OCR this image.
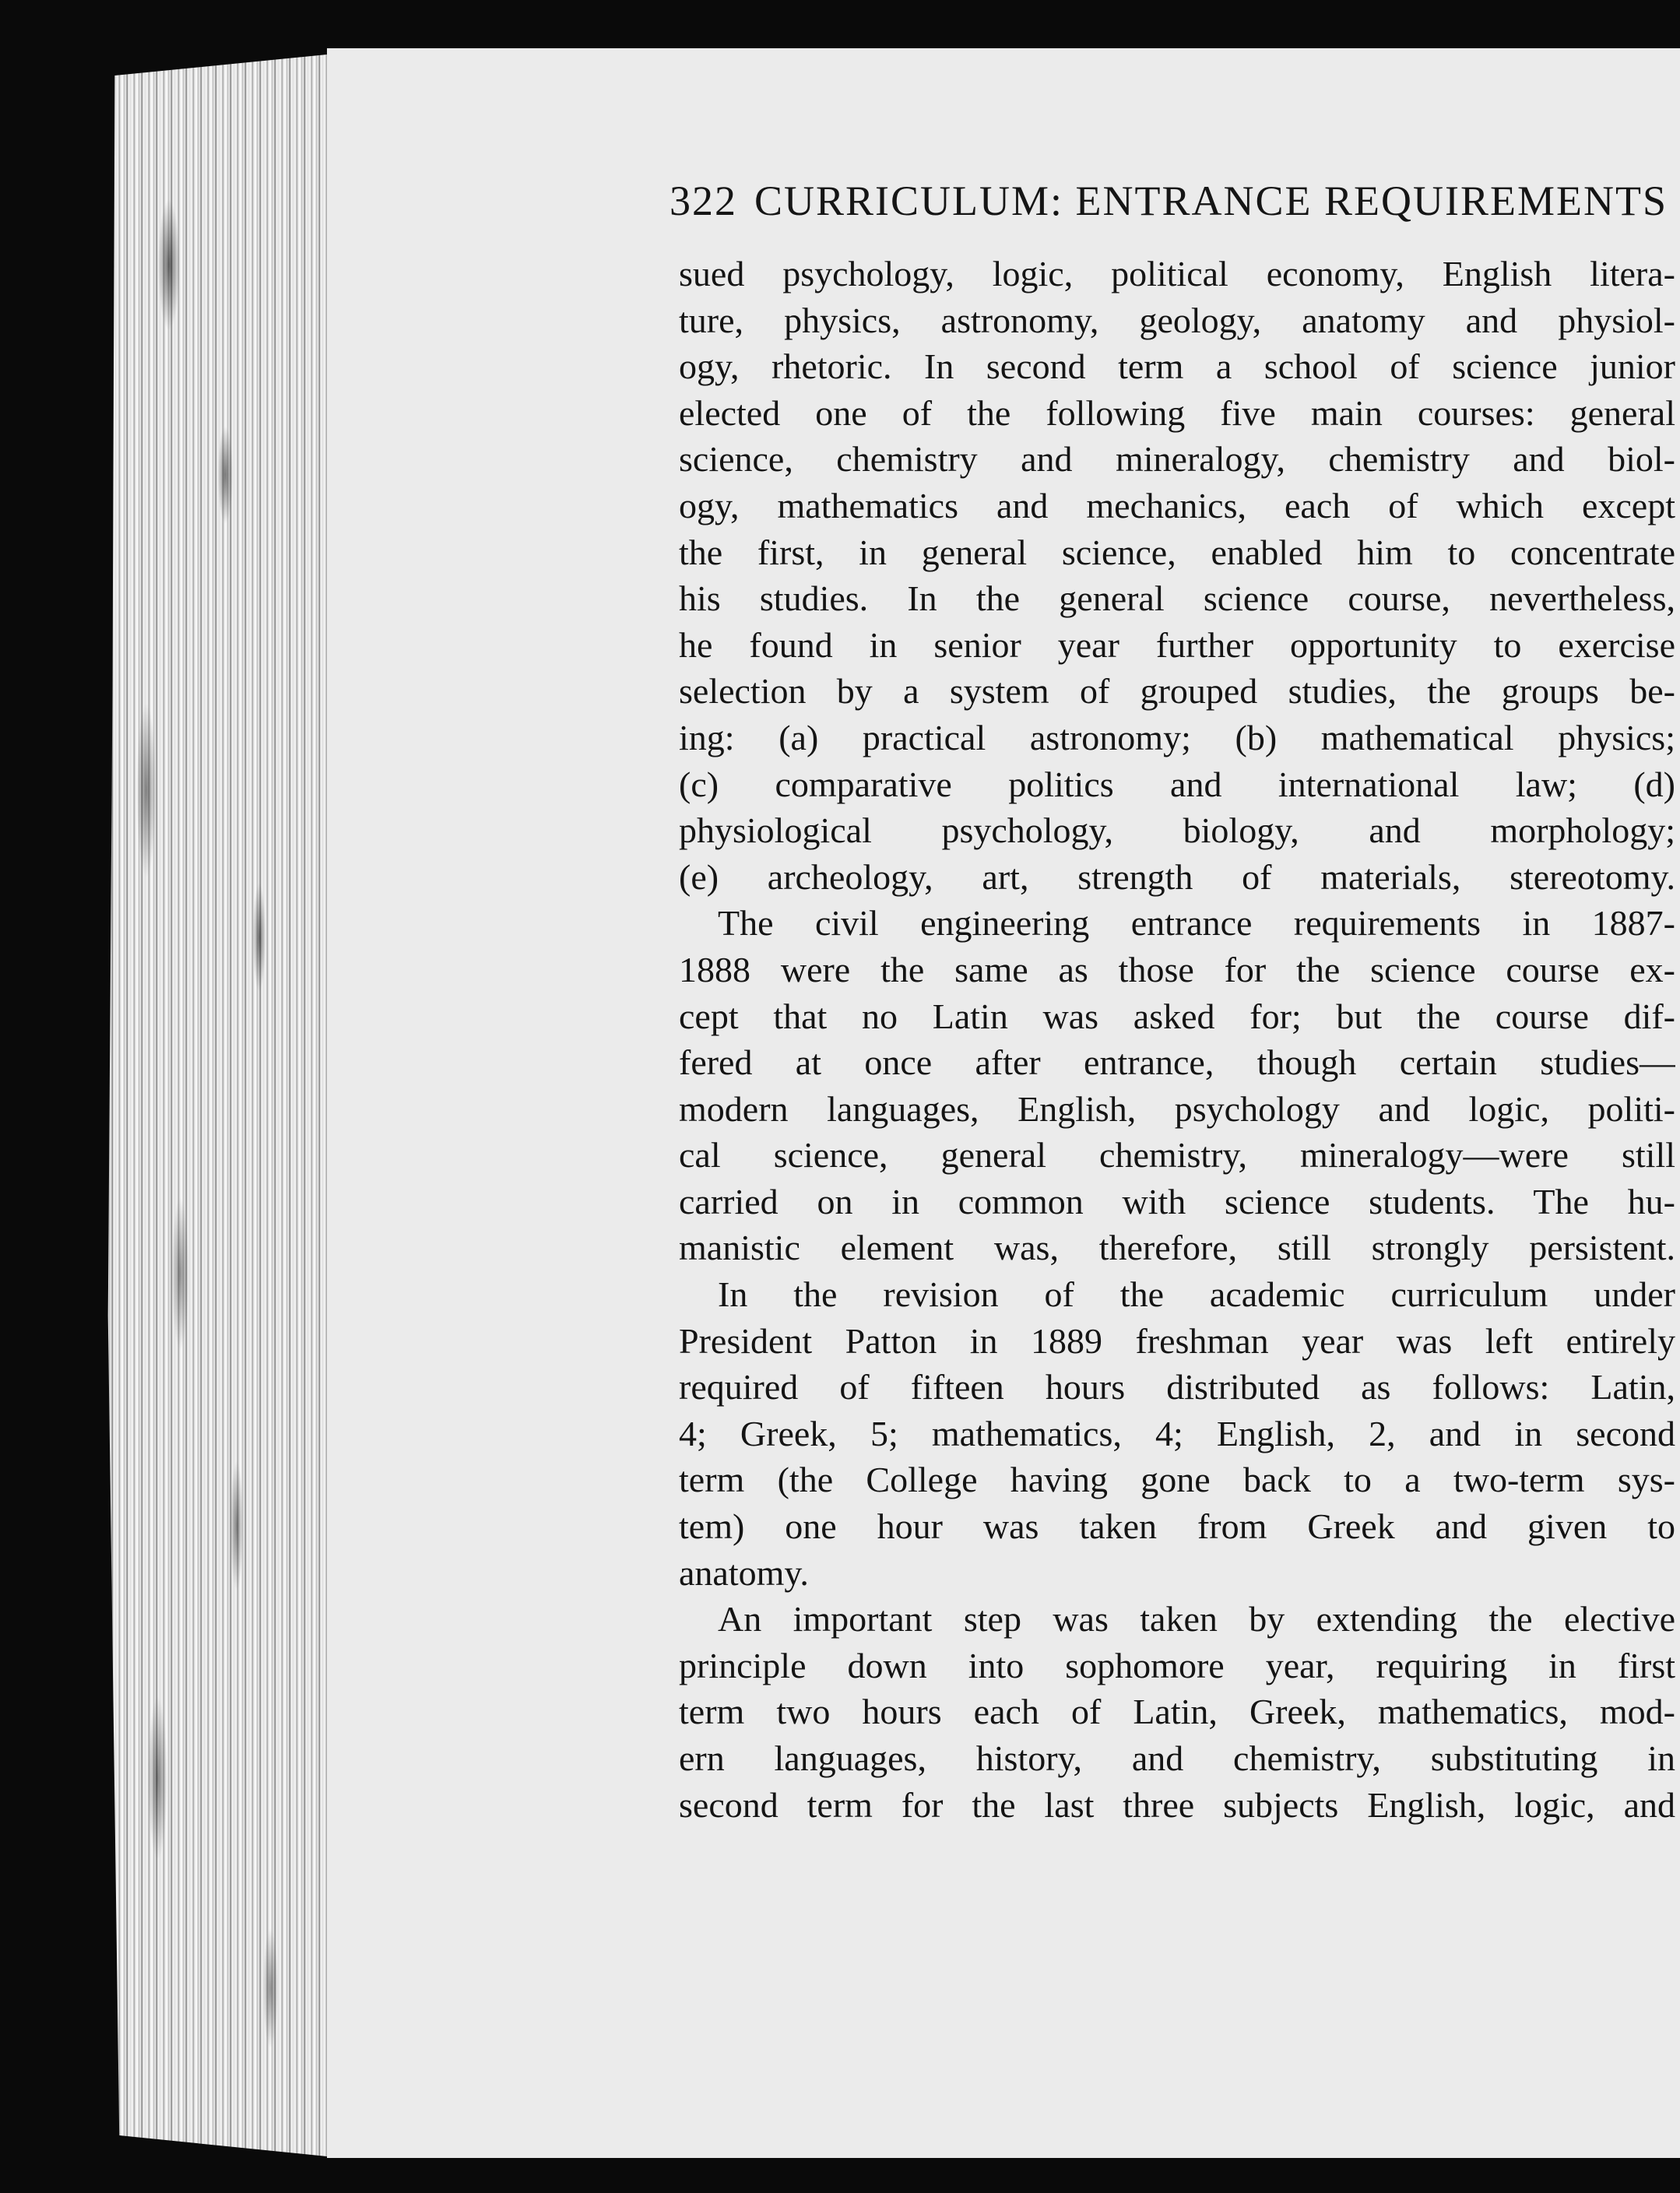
322 CURRICULUM: ENTRANCE REQUIREMENTS
sued psychology, logic, political economy, English litera-
ture, physics, astronomy, geology, anatomy and physiol-
ogy, rhetoric. In second term a school of science junior
elected one of the following five main courses: general
science, chemistry and mineralogy, chemistry and biol-
ogy, mathematics and mechanics, each of which except
the first, in general science, enabled him to concentrate
his studies. In the general science course, nevertheless,
he found in senior year further opportunity to exercise
selection by a system of grouped studies, the groups be-
ing: (a) practical astronomy; (b) mathematical physics;
(c) comparative politics and international law; (d)
physiological psychology, biology, and morphology;
(e) archeology, art, strength of materials, stereotomy.
The civil engineering entrance requirements in 1887-
1888 were the same as those for the science course ex-
cept that no Latin was asked for; but the course dif-
fered at once after entrance, though certain studies—
modern languages, English, psychology and logic, politi-
cal science, general chemistry, mineralogy—were still
carried on in common with science students. The hu-
manistic element was, therefore, still strongly persistent.
In the revision of the academic curriculum under
President Patton in 1889 freshman year was left entirely
required of fifteen hours distributed as follows: Latin,
4; Greek, 5; mathematics, 4; English, 2, and in second
term (the College having gone back to a two-term sys-
tem) one hour was taken from Greek and given to
anatomy.
An important step was taken by extending the elective
principle down into sophomore year, requiring in first
term two hours each of Latin, Greek, mathematics, mod-
ern languages, history, and chemistry, substituting in
second term for the last three subjects English, logic, and
